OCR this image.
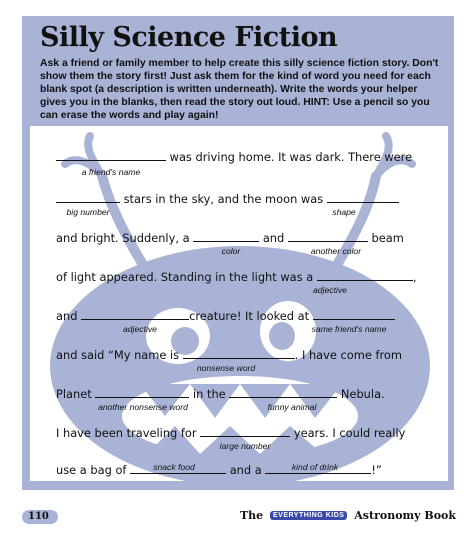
Silly Science Fiction

Ask a friend or family member to help create this silly science fiction story. Don't show them the story first! Just ask them for the kind of word you need for each blank spot (a description is written underneath). Write the words your helper gives you in the blanks, then read the story out loud. HINT: Use a pencil so you can erase the words and play again!

was driving home. It was dark. There were
a friend's name
stars in the sky, and the moon was
big number	shape
and bright. Suddenly, a	and	beam
color	another color
of light appeared. Standing in the light was a	,
adjective
and	creature! It looked at
adjective	same friend's name
and said “My name is	. I have come from
nonsense word
Planet	in the	Nebula.
another nonsense word	funny animal
I have been traveling for	years. I could really
large number
use a bag of	and a	!”
snack food	kind of drink
110	The EVERYTHING KIDS Astronomy Book
